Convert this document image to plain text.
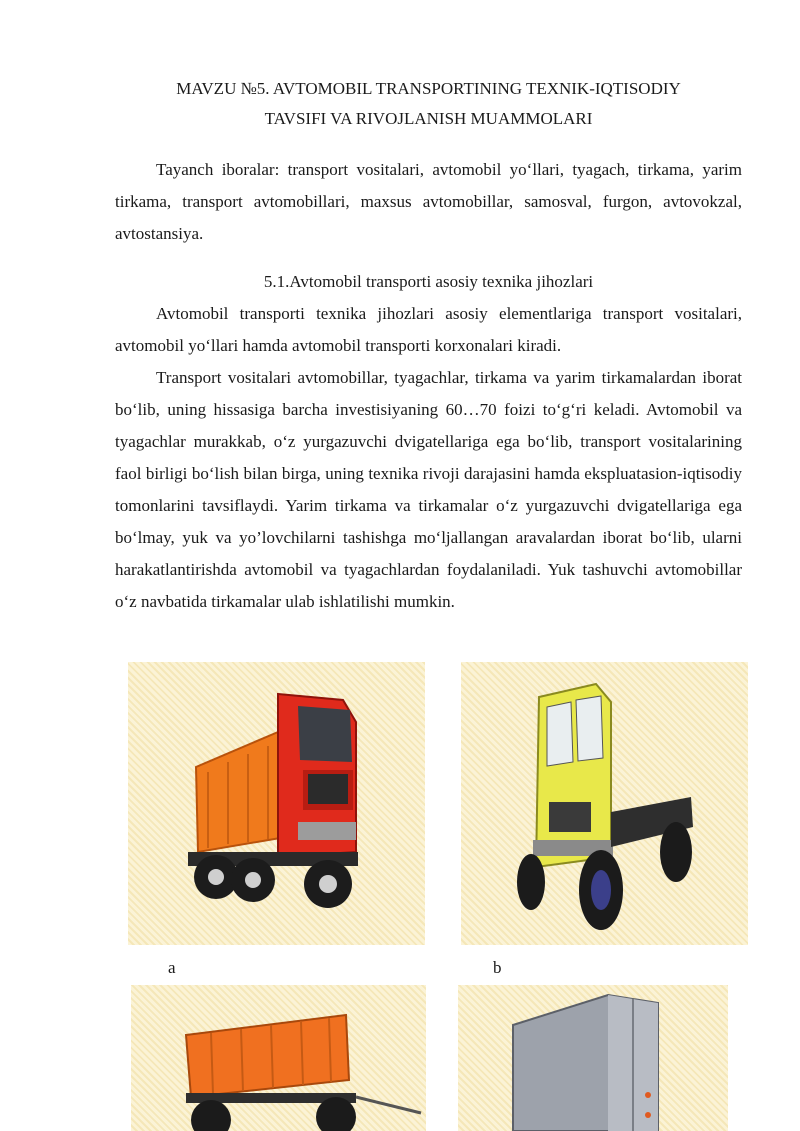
MAVZU №5. AVTOMOBIL TRANSPORTINING TEXNIK-IQTISODIY
TAVSIFI VA RIVOJLANISH MUAMMOLARI

Tayanch iboralar: transport vositalari, avtomobil yo‘llari, tyagach, tirkama, yarim tirkama, transport avtomobillari, maxsus avtomobillar, samosval, furgon, avtovokzal, avtostansiya.

5.1.Avtomobil transporti asosiy texnika jihozlari

Avtomobil transporti texnika jihozlari asosiy elementlariga transport vositalari, avtomobil yo‘llari hamda avtomobil transporti korxonalari kiradi.

Transport vositalari avtomobillar, tyagachlar, tirkama va yarim tirkamalardan iborat bo‘lib, uning hissasiga barcha investisiyaning 60…70 foizi to‘g‘ri keladi. Avtomobil va tyagachlar murakkab, o‘z yurgazuvchi dvigatellariga ega bo‘lib, transport vositalarining faol birligi bo‘lish bilan birga, uning texnika rivoji darajasini hamda ekspluatasion-iqtisodiy tomonlarini tavsiflaydi. Yarim tirkama va tirkamalar o‘z yurgazuvchi dvigatellariga ega bo‘lmay, yuk va yo’lovchilarni tashishga mo‘ljallangan aravalardan iborat bo‘lib, ularni harakatlantirishda avtomobil va tyagachlardan foydalaniladi. Yuk tashuvchi avtomobillar o‘z navbatida tirkamalar ulab ishlatilishi mumkin.

a	b
